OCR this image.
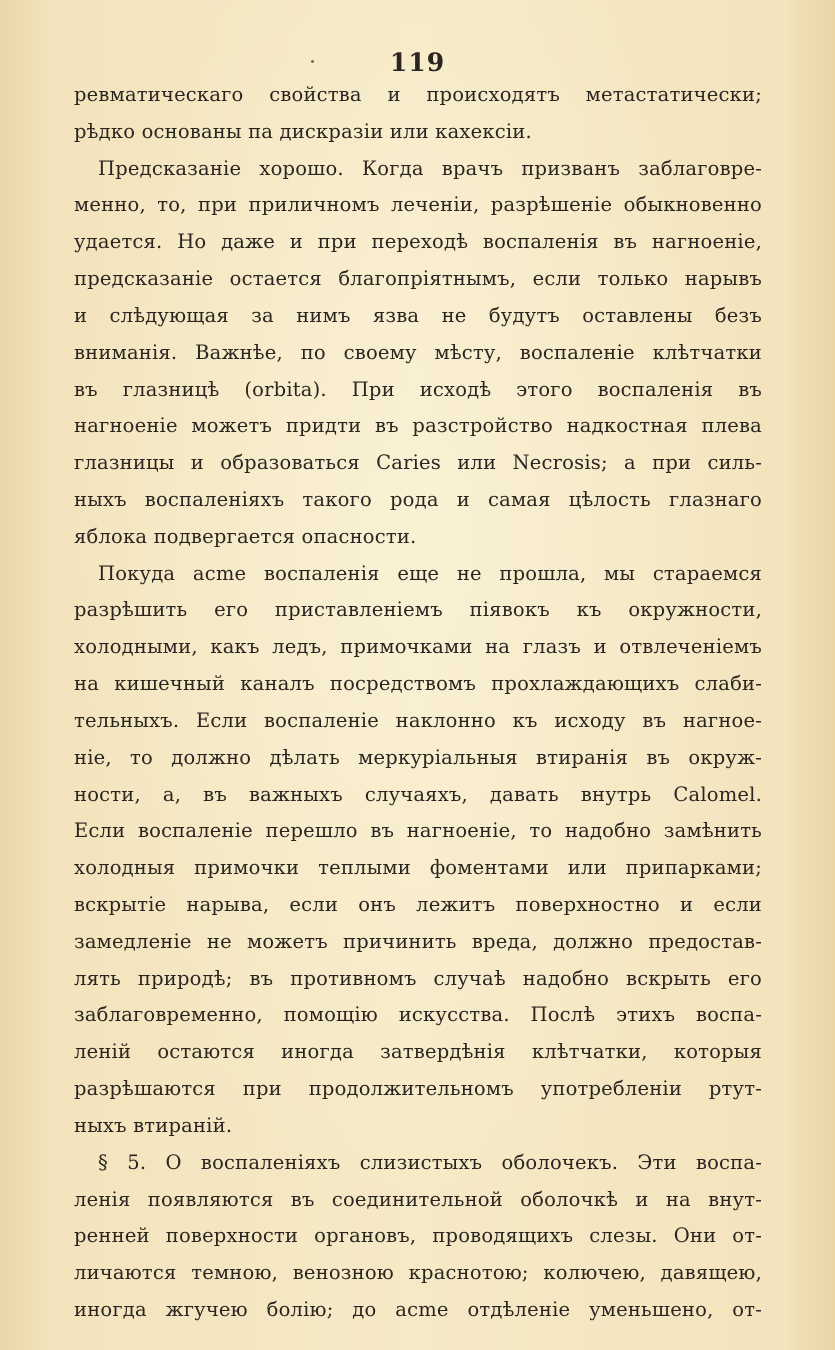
119
ревматическаго свойства и происходятъ метастатически;
рѣдко основаны па дискразіи или кахексіи.
Предсказаніе хорошо. Когда врачъ призванъ заблаговре-
менно, то, при приличномъ леченіи, разрѣшеніе обыкновенно
удается. Но даже и при переходѣ воспаленія въ нагноеніе,
предсказаніе остается благопріятнымъ, если только нарывъ
и слѣдующая за нимъ язва не будутъ оставлены безъ
вниманія. Важнѣе, по своему мѣсту, воспаленіе клѣтчатки
въ глазницѣ (orbita). При исходѣ этого воспаленія въ
нагноеніе можетъ придти въ разстройство надкостная плева
глазницы и образоваться Caries или Necrosis; а при силь-
ныхъ воспаленіяхъ такого рода и самая цѣлость глазнаго
яблока подвергается опасности.
Покуда acme воспаленія еще не прошла, мы стараемся
разрѣшить его приставленіемъ піявокъ къ окружности,
холодными, какъ ледъ, примочками на глазъ и отвлеченіемъ
на кишечный каналъ посредствомъ прохлаждающихъ слаби-
тельныхъ. Если воспаленіе наклонно къ исходу въ нагное-
ніе, то должно дѣлать меркуріальныя втиранія въ окруж-
ности, а, въ важныхъ случаяхъ, давать внутрь Calomel.
Если воспаленіе перешло въ нагноеніе, то надобно замѣнить
холодныя примочки теплыми фоментами или припарками;
вскрытіе нарыва, если онъ лежитъ поверхностно и если
замедленіе не можетъ причинить вреда, должно предостав-
лять природѣ; въ противномъ случаѣ надобно вскрыть его
заблаговременно, помощію искусства. Послѣ этихъ воспа-
леній остаются иногда затвердѣнія клѣтчатки, которыя
разрѣшаются при продолжительномъ употребленіи ртут-
ныхъ втираній.
§ 5. О воспаленіяхъ слизистыхъ оболочекъ. Эти воспа-
ленія появляются въ соединительной оболочкѣ и на внут-
ренней поверхности органовъ, проводящихъ слезы. Они от-
личаются темною, венозною краснотою; колючею, давящею,
иногда жгучею болію; до acme отдѣленіе уменьшено, от-
